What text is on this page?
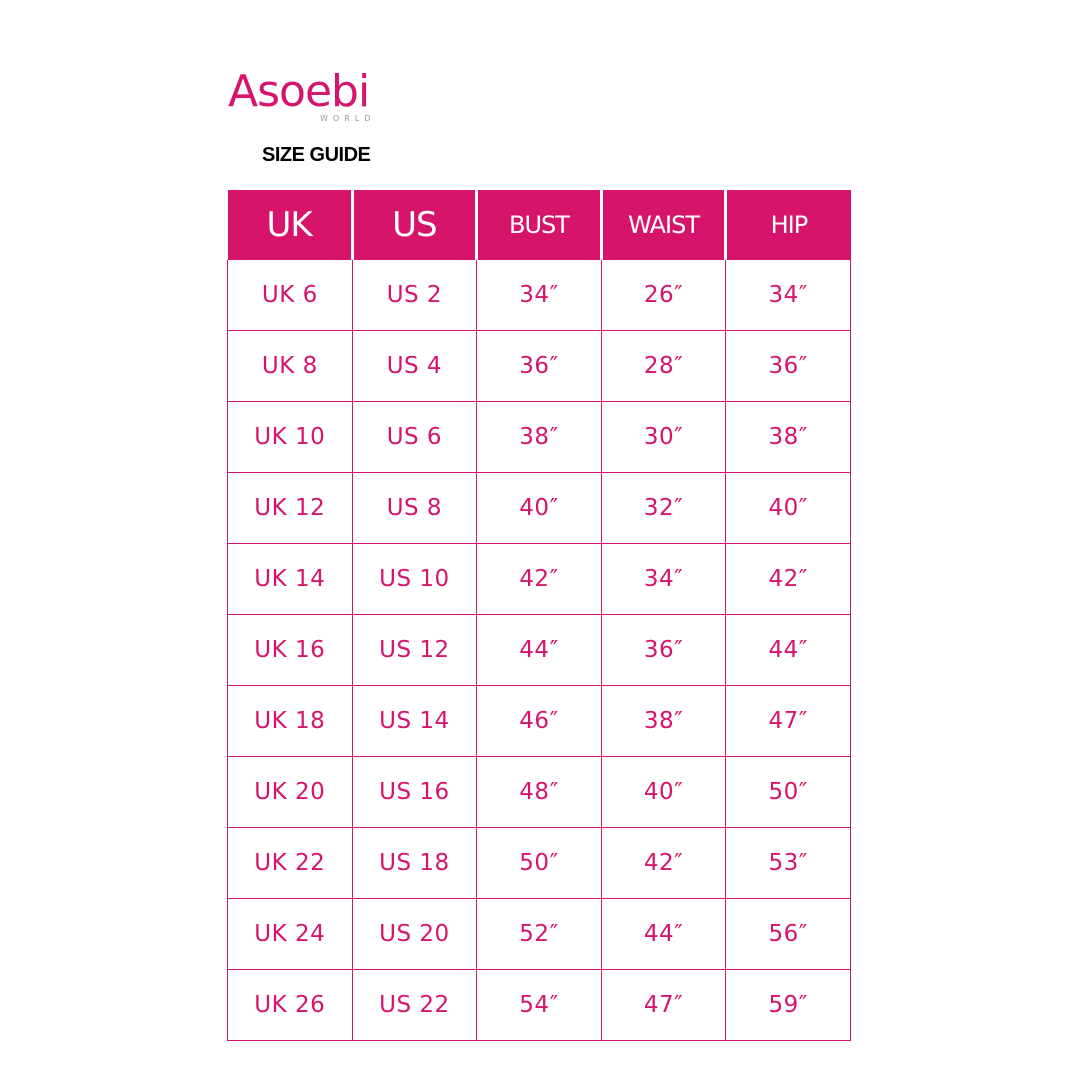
Asoebi
WORLD
SIZE GUIDE
UK	US	BUST	WAIST	HIP
UK 6	US 2	34″	26″	34″
UK 8	US 4	36″	28″	36″
UK 10	US 6	38″	30″	38″
UK 12	US 8	40″	32″	40″
UK 14	US 10	42″	34″	42″
UK 16	US 12	44″	36″	44″
UK 18	US 14	46″	38″	47″
UK 20	US 16	48″	40″	50″
UK 22	US 18	50″	42″	53″
UK 24	US 20	52″	44″	56″
UK 26	US 22	54″	47″	59″
